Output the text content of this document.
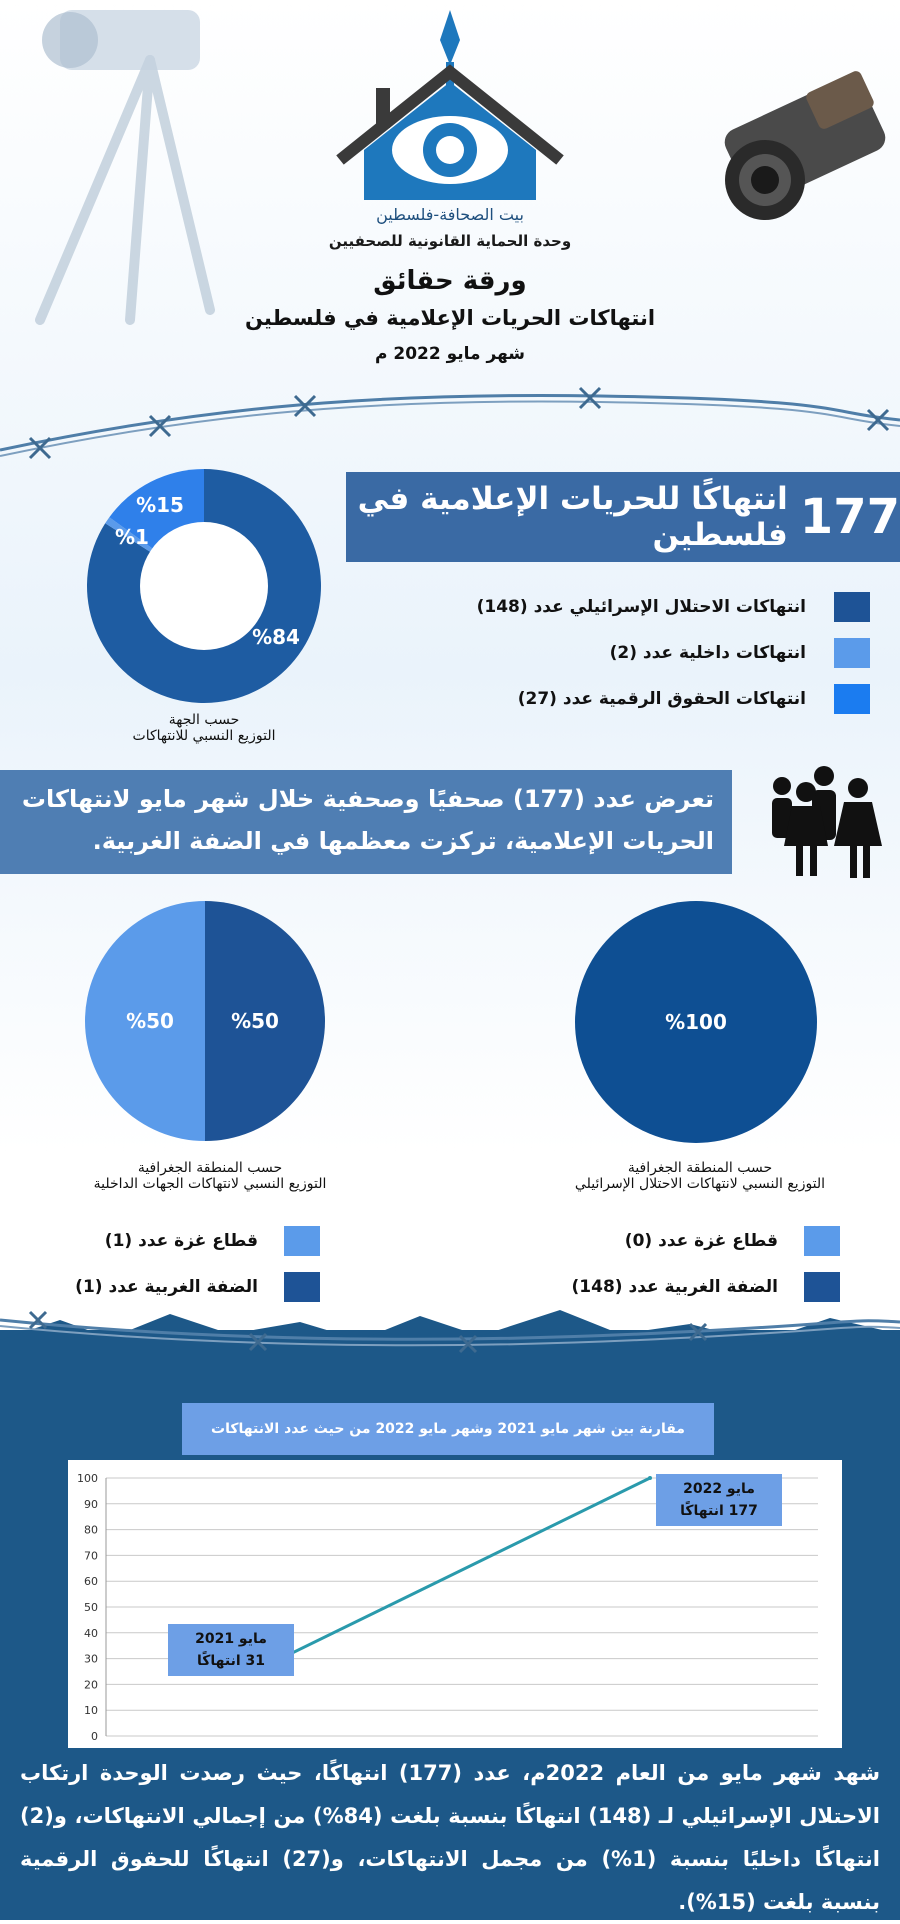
بيت الصحافة-فلسطين
وحدة الحماية القانونية للصحفيين
ورقة حقائق
انتهاكات الحريات الإعلامية في فلسطين
شهر مايو 2022 م
%84
%1
%15
حسب الجهة
التوزيع النسبي للانتهاكات
177
انتهاكًا للحريات الإعلامية في فلسطين
انتهاكات الاحتلال الإسرائيلي عدد (148)
انتهاكات داخلية عدد (2)
انتهاكات الحقوق الرقمية عدد (27)
تعرض عدد (177) صحفيًا وصحفية خلال شهر مايو لانتهاكات الحريات الإعلامية، تركزت معظمها في الضفة الغربية.
%50
%50	%100
حسب المنطقة الجغرافية
التوزيع النسبي لانتهاكات الجهات الداخلية
حسب المنطقة الجغرافية
التوزيع النسبي لانتهاكات الاحتلال الإسرائيلي
قطاع غزة عدد (1)
الضفة الغربية عدد (1)
قطاع غزة عدد (0)
الضفة الغربية عدد (148)
مقارنة بين شهر مايو 2021 وشهر مايو 2022 من حيث عدد الانتهاكات
100
90
80
70
60
50
40
30
20
10
0
مايو 2021
31 انتهاكًا
مايو 2022
177 انتهاكًا
شهد شهر مايو من العام 2022م، عدد (177) انتهاكًا، حيث رصدت الوحدة ارتكاب الاحتلال الإسرائيلي لـ (148) انتهاكًا بنسبة بلغت (84%) من إجمالي الانتهاكات، و(2) انتهاكًا داخليًا بنسبة (1%) من مجمل الانتهاكات، و(27) انتهاكًا للحقوق الرقمية بنسبة بلغت (15%).
